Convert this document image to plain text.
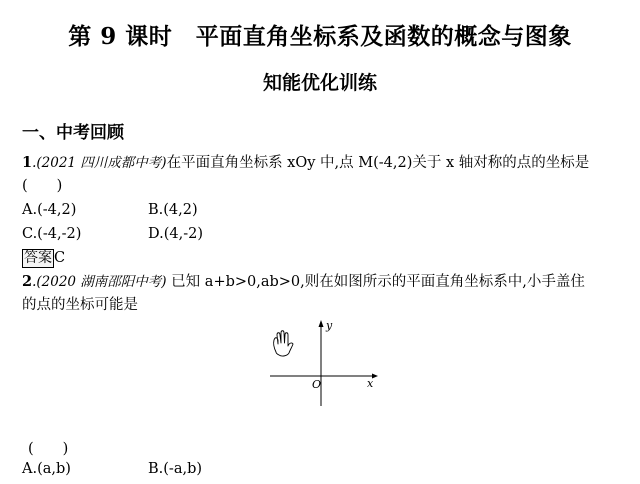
第 9 课时　平面直角坐标系及函数的概念与图象
知能优化训练
一、中考回顾
1.(2021 四川成都中考)在平面直角坐标系 xOy 中,点 M(-4,2)关于 x 轴对称的点的坐标是
(　　)
A.(-4,2)	B.(4,2)
C.(-4,-2)	D.(4,-2)
答案 C
2.(2020 湖南邵阳中考) 已知 a+b>0,ab>0,则在如图所示的平面直角坐标系中,小手盖住
的点的坐标可能是
x
y
O
(　　)
A.(a,b)	B.(-a,b)
